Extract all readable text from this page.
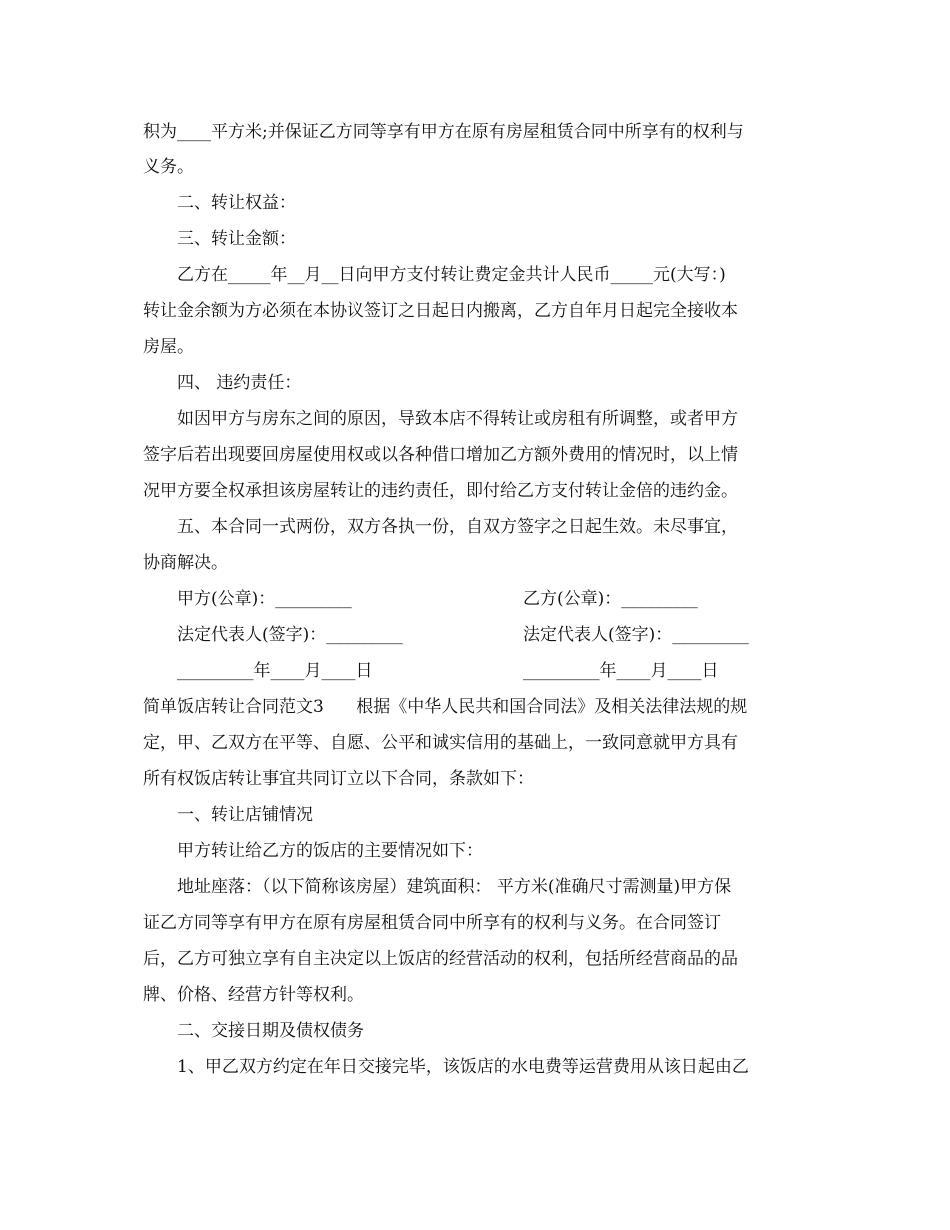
积为____平方米;并保证乙方同等享有甲方在原有房屋租赁合同中所享有的权利与
义务。
二、转让权益：
三、转让金额：
乙方在_____年__月__日向甲方支付转让费定金共计人民币_____元(大写：)
转让金余额为方必须在本协议签订之日起日内搬离，乙方自年月日起完全接收本
房屋。
四、 违约责任：
如因甲方与房东之间的原因，导致本店不得转让或房租有所调整，或者甲方
签字后若出现要回房屋使用权或以各种借口增加乙方额外费用的情况时，以上情
况甲方要全权承担该房屋转让的违约责任，即付给乙方支付转让金倍的违约金。
五、本合同一式两份，双方各执一份，自双方签字之日起生效。未尽事宜，
协商解决。
甲方(公章)：_________	乙方(公章)：_________
法定代表人(签字)：_________	法定代表人(签字)：_________
_________年____月____日	_________年____月____日
简单饭店转让合同范文3      根据《中华人民共和国合同法》及相关法律法规的规
定，甲、乙双方在平等、自愿、公平和诚实信用的基础上，一致同意就甲方具有
所有权饭店转让事宜共同订立以下合同，条款如下：
一、转让店铺情况
甲方转让给乙方的饭店的主要情况如下：
地址座落：（以下简称该房屋）建筑面积： 平方米(准确尺寸需测量)甲方保
证乙方同等享有甲方在原有房屋租赁合同中所享有的权利与义务。在合同签订
后，乙方可独立享有自主决定以上饭店的经营活动的权利，包括所经营商品的品
牌、价格、经营方针等权利。
二、交接日期及债权债务
1、甲乙双方约定在年日交接完毕，该饭店的水电费等运营费用从该日起由乙
